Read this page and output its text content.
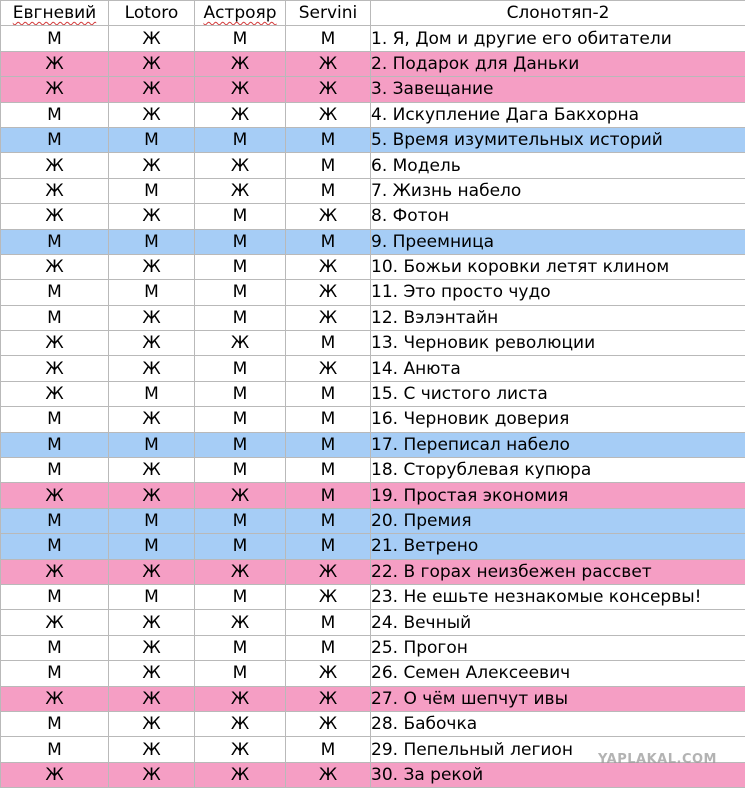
Евгневий	Lotoro	Астрояр	Servini	Слонотяп-2
М	Ж	М	М	1. Я, Дом и другие его обитатели
Ж	Ж	Ж	Ж	2. Подарок для Даньки
Ж	Ж	Ж	Ж	3. Завещание
М	Ж	Ж	Ж	4. Искупление Дага Бакхорна
М	М	М	М	5. Время изумительных историй
Ж	Ж	Ж	М	6. Модель
Ж	М	Ж	М	7. Жизнь набело
Ж	Ж	М	Ж	8. Фотон
М	М	М	М	9. Преемница
Ж	Ж	М	Ж	10. Божьи коровки летят клином
М	М	М	Ж	11. Это просто чудо
М	Ж	М	Ж	12. Вэлэнтайн
Ж	Ж	Ж	М	13. Черновик революции
Ж	Ж	М	Ж	14. Анюта
Ж	М	М	М	15. С чистого листа
М	Ж	М	М	16. Черновик доверия
М	М	М	М	17. Переписал набело
М	Ж	М	М	18. Сторублевая купюра
Ж	Ж	Ж	М	19. Простая экономия
М	М	М	М	20. Премия
М	М	М	М	21. Ветрено
Ж	Ж	Ж	Ж	22. В горах неизбежен рассвет
М	М	М	Ж	23. Не ешьте незнакомые консервы!
Ж	Ж	Ж	М	24. Вечный
М	Ж	М	М	25. Прогон
М	Ж	М	Ж	26. Семен Алексеевич
Ж	Ж	Ж	Ж	27. О чём шепчут ивы
М	Ж	Ж	Ж	28. Бабочка
М	Ж	Ж	М	29. Пепельный легион
Ж	Ж	Ж	Ж	30. За рекой
YAPLAKAL.COM
